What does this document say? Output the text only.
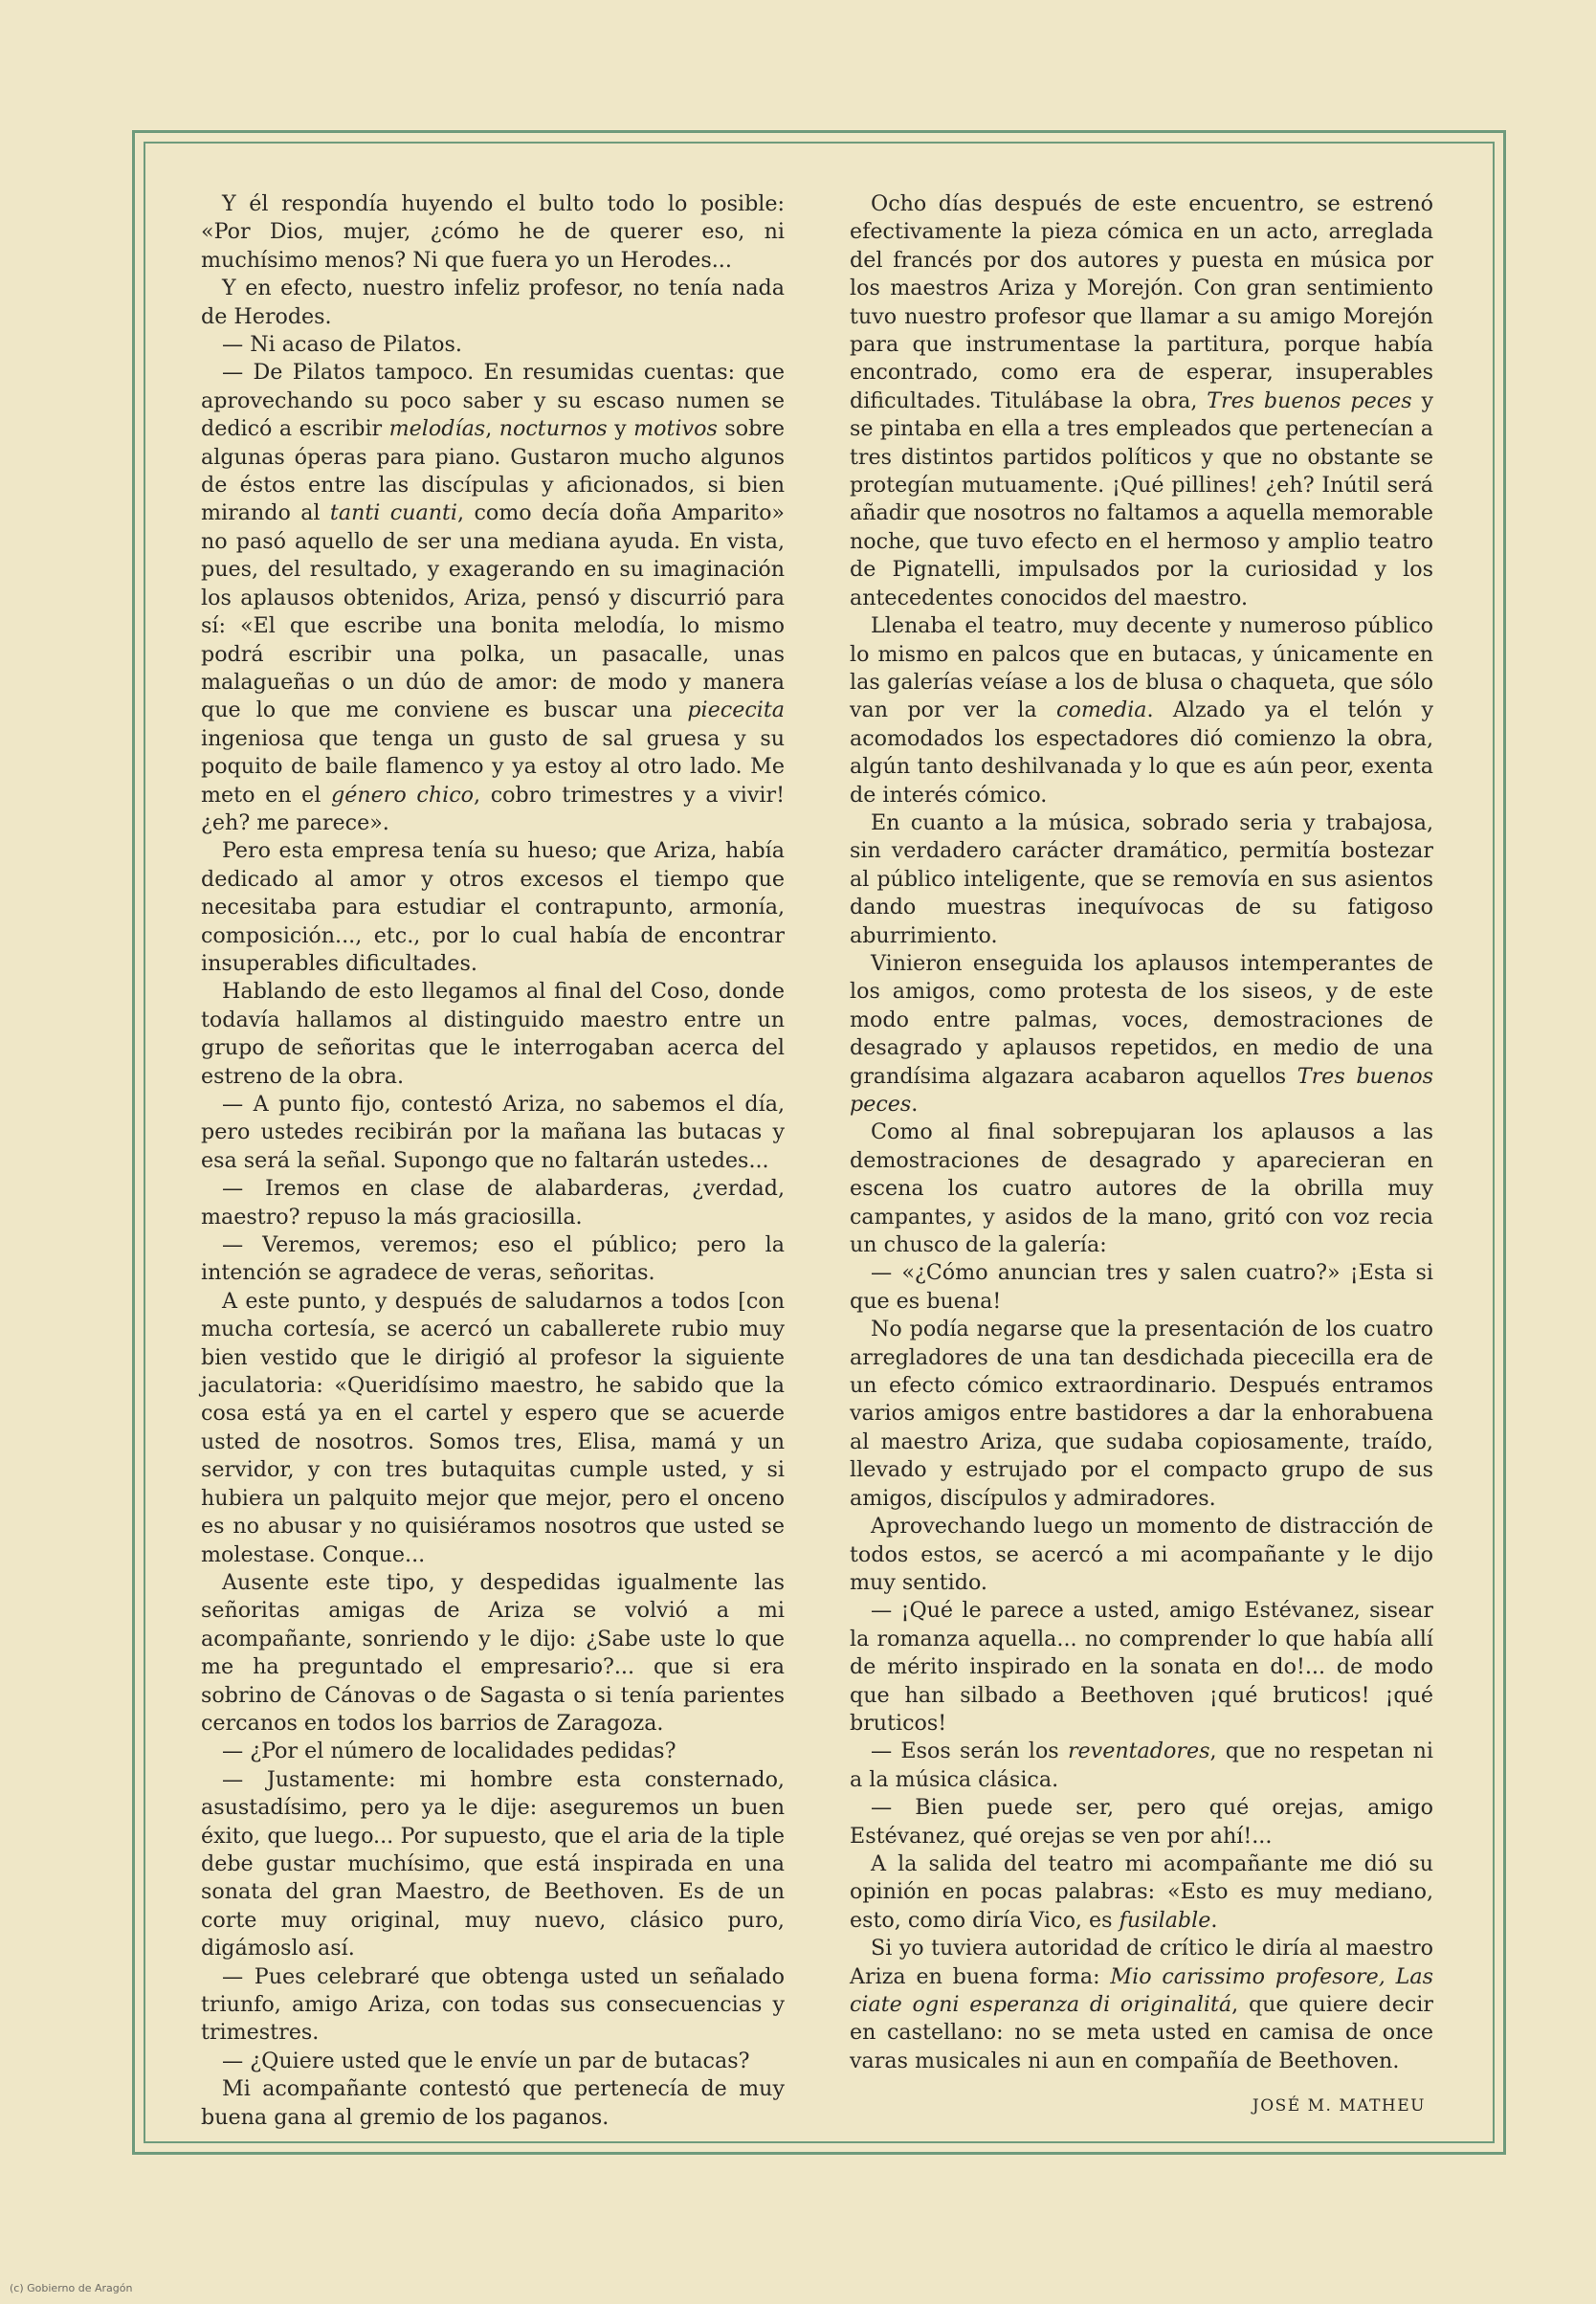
Y él respondía huyendo el bulto todo lo posible: «Por Dios, mujer, ¿cómo he de querer eso, ni muchísimo menos? Ni que fuera yo un Herodes...

Y en efecto, nuestro infeliz profesor, no tenía nada de Herodes.

— Ni acaso de Pilatos.

— De Pilatos tampoco. En resumidas cuentas: que aprovechando su poco saber y su escaso numen se dedicó a escribir melodías, nocturnos y motivos sobre algunas óperas para piano. Gustaron mucho algunos de éstos entre las discípulas y aficionados, si bien mirando al tanti cuanti, como decía doña Amparito» no pasó aquello de ser una mediana ayuda. En vista, pues, del resultado, y exagerando en su imaginación los aplausos obtenidos, Ariza, pensó y discurrió para sí: «El que escribe una bonita melodía, lo mismo podrá escribir una polka, un pasacalle, unas malagueñas o un dúo de amor: de modo y manera que lo que me conviene es buscar una piececita ingeniosa que tenga un gusto de sal gruesa y su poquito de baile flamenco y ya estoy al otro lado. Me meto en el género chico, cobro trimestres y a vivir! ¿eh? me parece».

Pero esta empresa tenía su hueso; que Ariza, había dedicado al amor y otros excesos el tiempo que necesitaba para estudiar el contrapunto, armonía, composición..., etc., por lo cual había de encontrar insuperables dificultades.

Hablando de esto llegamos al final del Coso, donde todavía hallamos al distinguido maestro entre un grupo de señoritas que le interrogaban acerca del estreno de la obra.

— A punto fijo, contestó Ariza, no sabemos el día, pero ustedes recibirán por la mañana las butacas y esa será la señal. Supongo que no faltarán ustedes...

— Iremos en clase de alabarderas, ¿verdad, maestro? repuso la más graciosilla.

— Veremos, veremos; eso el público; pero la intención se agradece de veras, señoritas.

A este punto, y después de saludarnos a todos [con mucha cortesía, se acercó un caballerete rubio muy bien vestido que le dirigió al profesor la siguiente jaculatoria: «Queridísimo maestro, he sabido que la cosa está ya en el cartel y espero que se acuerde usted de nosotros. Somos tres, Elisa, mamá y un servidor, y con tres butaquitas cumple usted, y si hubiera un palquito mejor que mejor, pero el onceno es no abusar y no quisiéramos nosotros que usted se molestase. Conque...

Ausente este tipo, y despedidas igualmente las señoritas amigas de Ariza se volvió a mi acompañante, sonriendo y le dijo: ¿Sabe uste lo que me ha preguntado el empresario?... que si era sobrino de Cánovas o de Sagasta o si tenía parientes cercanos en todos los barrios de Zaragoza.

— ¿Por el número de localidades pedidas?

— Justamente: mi hombre esta consternado, asustadísimo, pero ya le dije: aseguremos un buen éxito, que luego... Por supuesto, que el aria de la tiple debe gustar muchísimo, que está inspirada en una sonata del gran Maestro, de Beethoven. Es de un corte muy original, muy nuevo, clásico puro, digámoslo así.

— Pues celebraré que obtenga usted un señalado triunfo, amigo Ariza, con todas sus consecuencias y trimestres.

— ¿Quiere usted que le envíe un par de butacas?

Mi acompañante contestó que pertenecía de muy buena gana al gremio de los paganos.

Ocho días después de este encuentro, se estrenó efectivamente la pieza cómica en un acto, arreglada del francés por dos autores y puesta en música por los maestros Ariza y Morejón. Con gran sentimiento tuvo nuestro profesor que llamar a su amigo Morejón para que instrumentase la partitura, porque había encontrado, como era de esperar, insuperables dificultades. Titulábase la obra, Tres buenos peces y se pintaba en ella a tres empleados que pertenecían a tres distintos partidos políticos y que no obstante se protegían mutuamente. ¡Qué pillines! ¿eh? Inútil será añadir que nosotros no faltamos a aquella memorable noche, que tuvo efecto en el hermoso y amplio teatro de Pignatelli, impulsados por la curiosidad y los antecedentes conocidos del maestro.

Llenaba el teatro, muy decente y numeroso público lo mismo en palcos que en butacas, y únicamente en las galerías veíase a los de blusa o chaqueta, que sólo van por ver la comedia. Alzado ya el telón y acomodados los espectadores dió comienzo la obra, algún tanto deshilvanada y lo que es aún peor, exenta de interés cómico.

En cuanto a la música, sobrado seria y trabajosa, sin verdadero carácter dramático, permitía bostezar al público inteligente, que se removía en sus asientos dando muestras inequívocas de su fatigoso aburrimiento.

Vinieron enseguida los aplausos intemperantes de los amigos, como protesta de los siseos, y de este modo entre palmas, voces, demostraciones de desagrado y aplausos repetidos, en medio de una grandísima algazara acabaron aquellos Tres buenos peces.

Como al final sobrepujaran los aplausos a las demostraciones de desagrado y aparecieran en escena los cuatro autores de la obrilla muy campantes, y asidos de la mano, gritó con voz recia un chusco de la galería:

— «¿Cómo anuncian tres y salen cuatro?» ¡Esta si que es buena!

No podía negarse que la presentación de los cuatro arregladores de una tan desdichada piececilla era de un efecto cómico extraordinario. Después entramos varios amigos entre bastidores a dar la enhorabuena al maestro Ariza, que sudaba copiosamente, traído, llevado y estrujado por el compacto grupo de sus amigos, discípulos y admiradores.

Aprovechando luego un momento de distracción de todos estos, se acercó a mi acompañante y le dijo muy sentido.

— ¡Qué le parece a usted, amigo Estévanez, sisear la romanza aquella... no comprender lo que había allí de mérito inspirado en la sonata en do!... de modo que han silbado a Beethoven ¡qué bruticos! ¡qué bruticos!

— Esos serán los reventadores, que no respetan ni a la música clásica.

— Bien puede ser, pero qué orejas, amigo Estévanez, qué orejas se ven por ahí!...

A la salida del teatro mi acompañante me dió su opinión en pocas palabras: «Esto es muy mediano, esto, como diría Vico, es fusilable.

Si yo tuviera autoridad de crítico le diría al maestro Ariza en buena forma: Mio carissimo profesore, Las ciate ogni esperanza di originalitá, que quiere decir en castellano: no se meta usted en camisa de once varas musicales ni aun en compañía de Beethoven.

JOSÉ M. MATHEU

(c) Gobierno de Aragón
